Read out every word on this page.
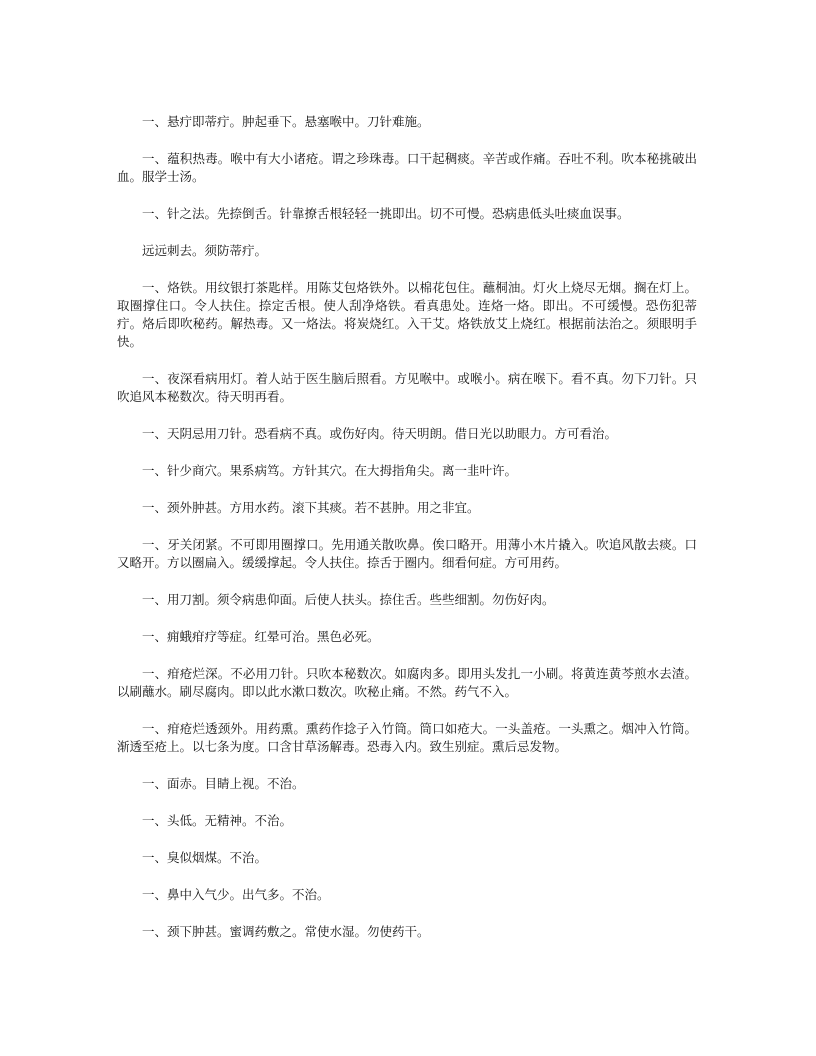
一、悬疔即蒂疔。肿起垂下。悬塞喉中。刀针难施。

一、蕴积热毒。喉中有大小诸疮。谓之珍珠毒。口干起稠痰。辛苦或作痛。吞吐不利。吹本秘挑破出血。服学士汤。

一、针之法。先捺倒舌。针靠撩舌根轻轻一挑即出。切不可慢。恐病患低头吐痰血误事。

远远刺去。须防蒂疔。

一、烙铁。用纹银打茶匙样。用陈艾包烙铁外。以棉花包住。蘸桐油。灯火上烧尽无烟。搁在灯上。取圈撑住口。令人扶住。捺定舌根。使人刮净烙铁。看真患处。连烙一烙。即出。不可缓慢。恐伤犯蒂疔。烙后即吹秘药。解热毒。又一烙法。将炭烧红。入干艾。烙铁放艾上烧红。根据前法治之。须眼明手快。

一、夜深看病用灯。着人站于医生脑后照看。方见喉中。或喉小。病在喉下。看不真。勿下刀针。只吹追风本秘数次。待天明再看。

一、天阴忌用刀针。恐看病不真。或伤好肉。待天明朗。借日光以助眼力。方可看治。

一、针少商穴。果系病笃。方针其穴。在大拇指角尖。离一韭叶许。

一、颈外肿甚。方用水药。滚下其痰。若不甚肿。用之非宜。

一、牙关闭紧。不可即用圈撑口。先用通关散吹鼻。俟口略开。用薄小木片撬入。吹追风散去痰。口又略开。方以圈扁入。缓缓撑起。令人扶住。捺舌于圈内。细看何症。方可用药。

一、用刀割。须令病患仰面。后使人扶头。捺住舌。些些细割。勿伤好肉。

一、痈蛾疳疗等症。红晕可治。黑色必死。

一、疳疮烂深。不必用刀针。只吹本秘数次。如腐肉多。即用头发扎一小刷。将黄连黄芩煎水去渣。以刷蘸水。刷尽腐肉。即以此水漱口数次。吹秘止痛。不然。药气不入。

一、疳疮烂透颈外。用药熏。熏药作捻子入竹筒。筒口如疮大。一头盖疮。一头熏之。烟冲入竹筒。渐透至疮上。以七条为度。口含甘草汤解毒。恐毒入内。致生别症。熏后忌发物。

一、面赤。目睛上视。不治。

一、头低。无精神。不治。

一、臭似烟煤。不治。

一、鼻中入气少。出气多。不治。

一、颈下肿甚。蜜调药敷之。常使水湿。勿使药干。
